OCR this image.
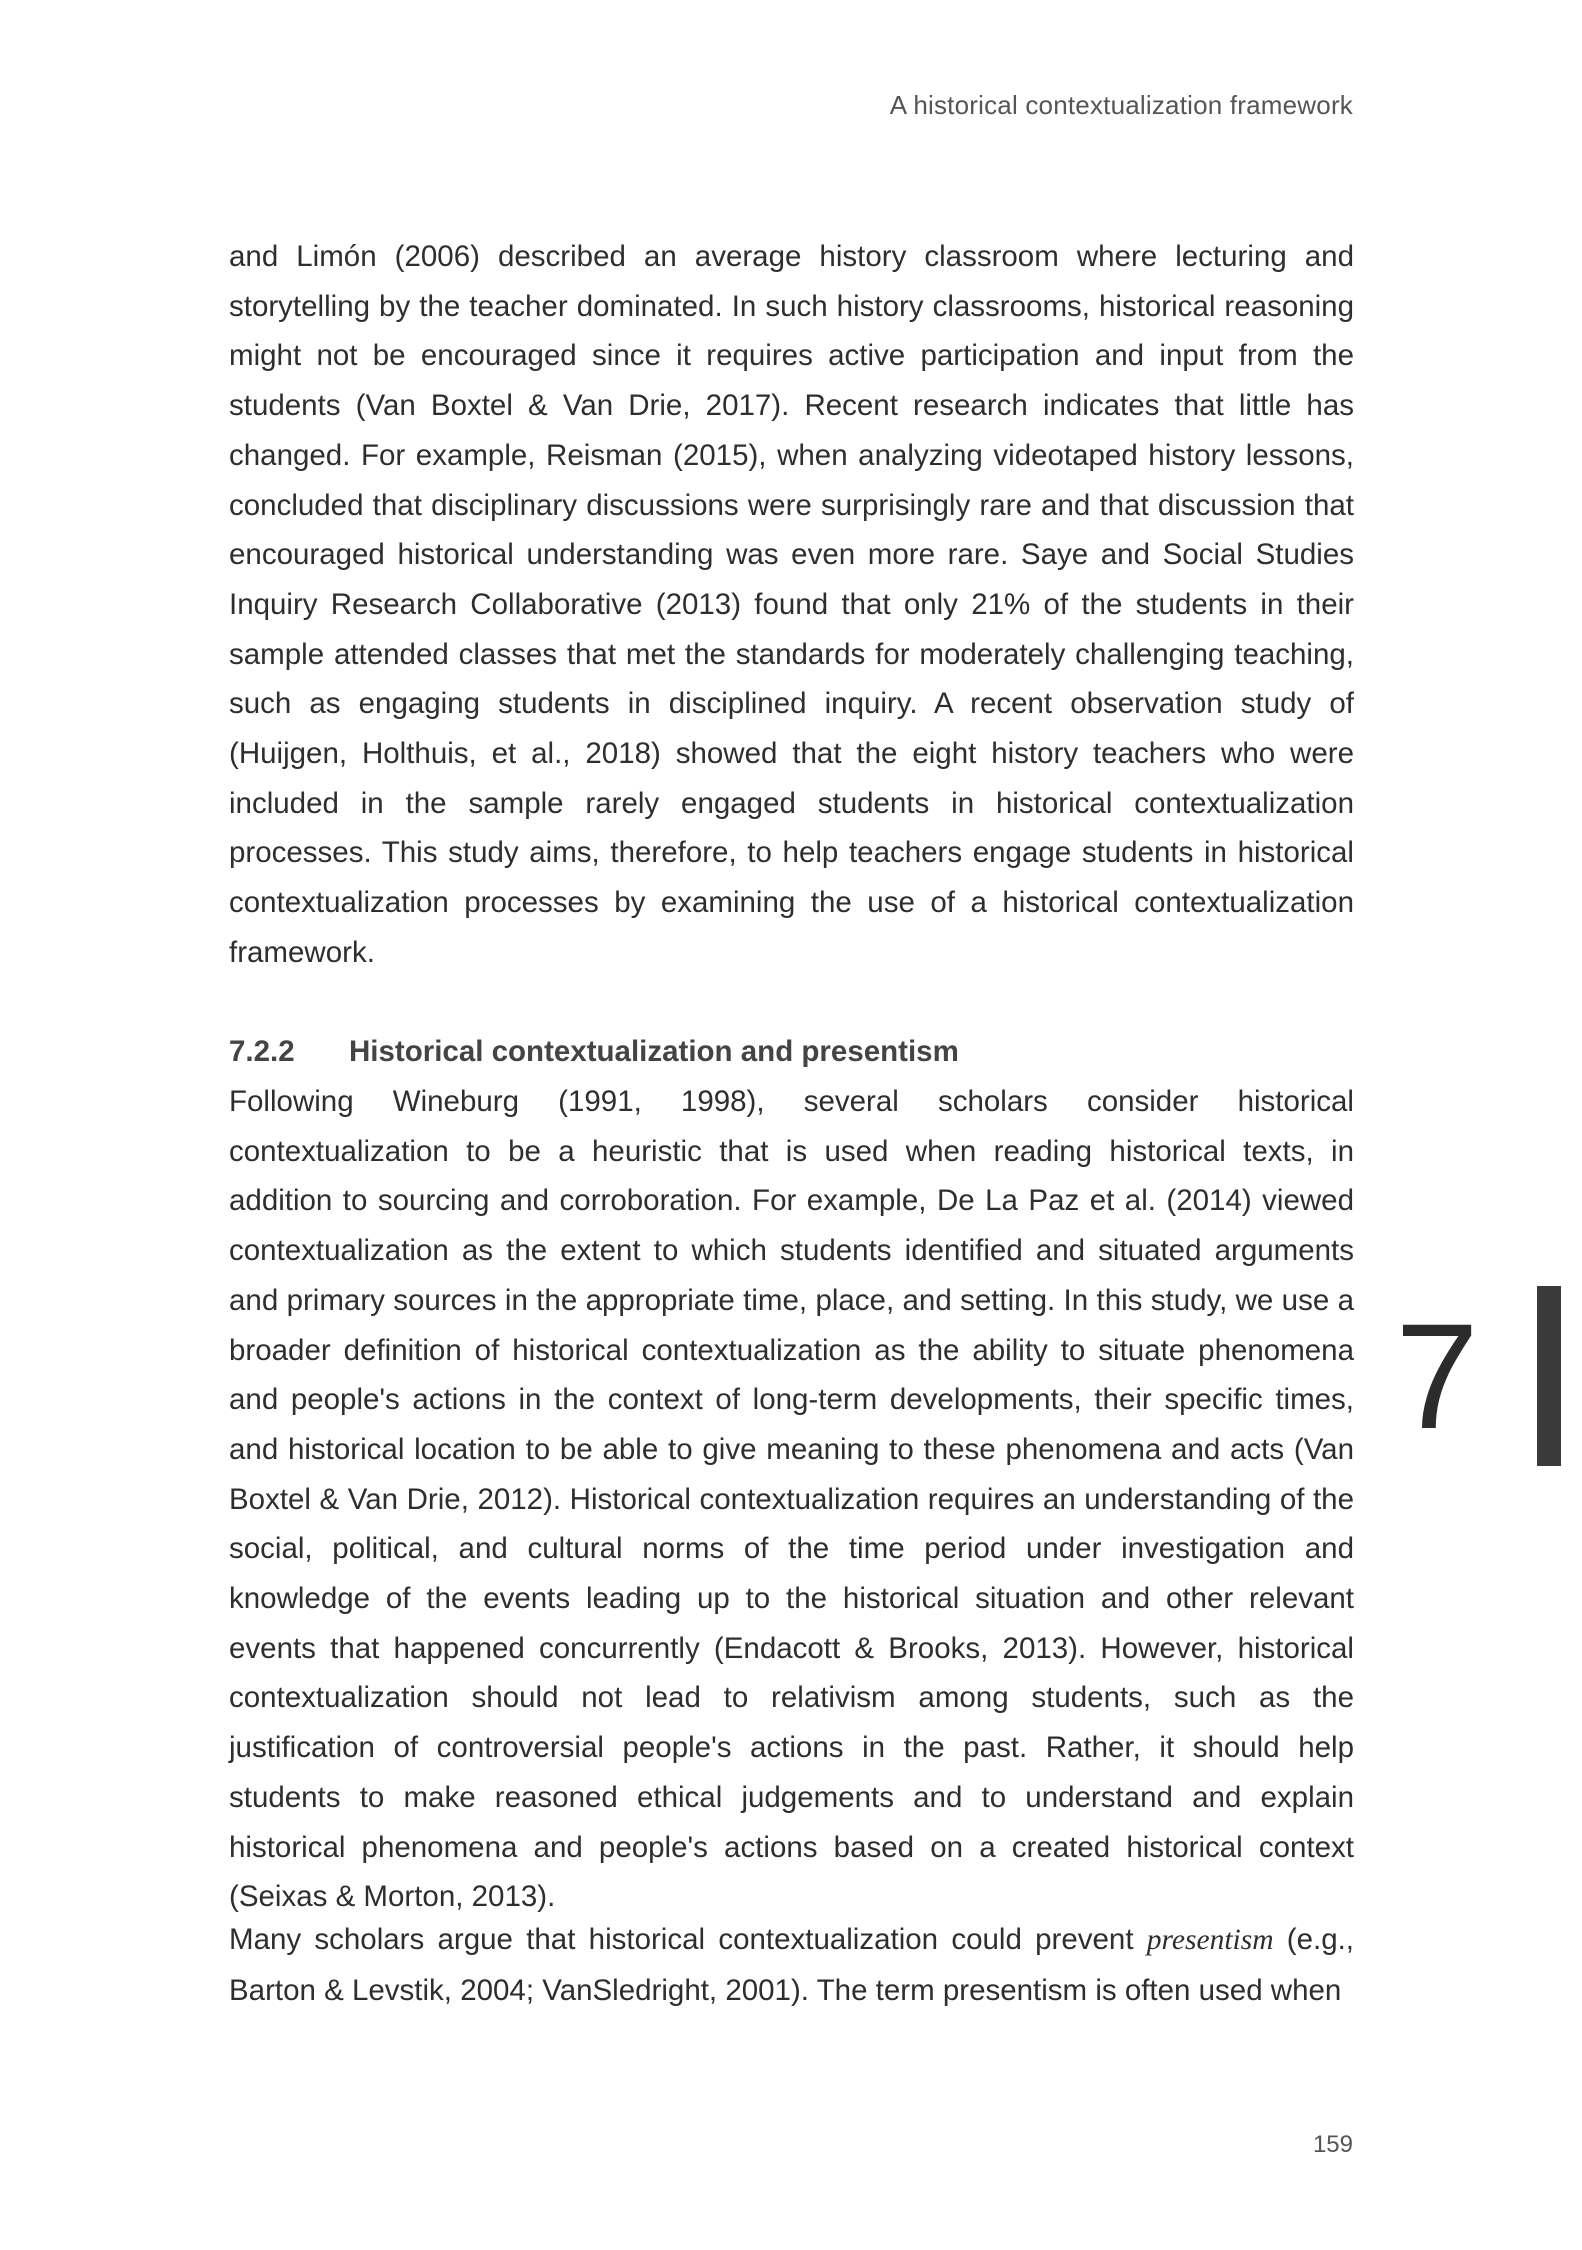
A historical contextualization framework

and Limón (2006) described an average history classroom where lecturing and storytelling by the teacher dominated. In such history classrooms, historical reasoning might not be encouraged since it requires active participation and input from the students (Van Boxtel & Van Drie, 2017). Recent research indicates that little has changed. For example, Reisman (2015), when analyzing videotaped history lessons, concluded that disciplinary discussions were surprisingly rare and that discussion that encouraged historical understanding was even more rare. Saye and Social Studies Inquiry Research Collaborative (2013) found that only 21% of the students in their sample attended classes that met the standards for moderately challenging teaching, such as engaging students in disciplined inquiry. A recent observation study of (Huijgen, Holthuis, et al., 2018) showed that the eight history teachers who were included in the sample rarely engaged students in historical contextualization processes. This study aims, therefore, to help teachers engage students in historical contextualization processes by examining the use of a historical contextualization framework.

7.2.2 Historical contextualization and presentism

Following Wineburg (1991, 1998), several scholars consider historical contextualization to be a heuristic that is used when reading historical texts, in addition to sourcing and corroboration. For example, De La Paz et al. (2014) viewed contextualization as the extent to which students identified and situated arguments and primary sources in the appropriate time, place, and setting. In this study, we use a broader definition of historical contextualization as the ability to situate phenomena and people's actions in the context of long-term developments, their specific times, and historical location to be able to give meaning to these phenomena and acts (Van Boxtel & Van Drie, 2012). Historical contextualization requires an understanding of the social, political, and cultural norms of the time period under investigation and knowledge of the events leading up to the historical situation and other relevant events that happened concurrently (Endacott & Brooks, 2013). However, historical contextualization should not lead to relativism among students, such as the justification of controversial people's actions in the past. Rather, it should help students to make reasoned ethical judgements and to understand and explain historical phenomena and people's actions based on a created historical context (Seixas & Morton, 2013).

Many scholars argue that historical contextualization could prevent presentism (e.g., Barton & Levstik, 2004; VanSledright, 2001). The term presentism is often used when

7
159
